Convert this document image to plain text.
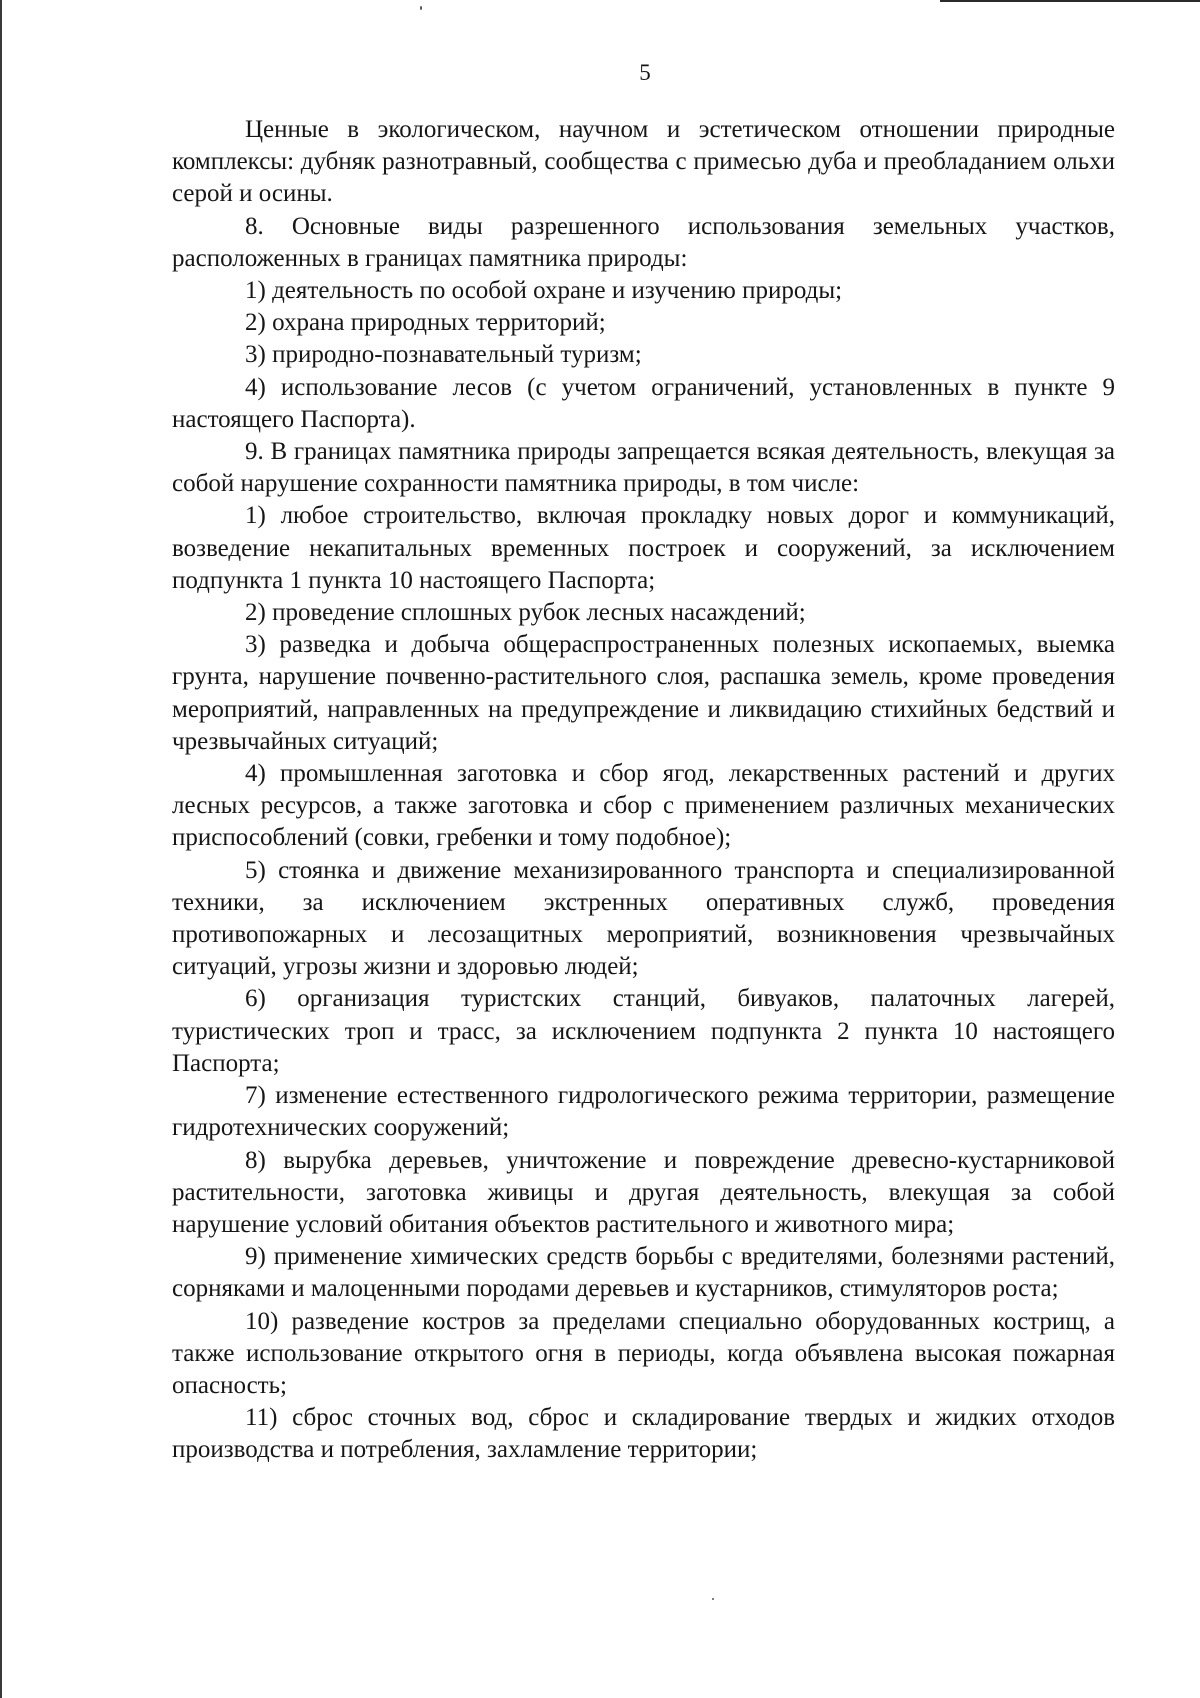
5

Ценные в экологическом, научном и эстетическом отношении природные комплексы: дубняк разнотравный, сообщества с примесью дуба и преобладанием ольхи серой и осины.

8. Основные виды разрешенного использования земельных участков, расположенных в границах памятника природы:

1) деятельность по особой охране и изучению природы;

2) охрана природных территорий;

3) природно-познавательный туризм;

4) использование лесов (с учетом ограничений, установленных в пункте 9 настоящего Паспорта).

9. В границах памятника природы запрещается всякая деятельность, влекущая за собой нарушение сохранности памятника природы, в том числе:

1) любое строительство, включая прокладку новых дорог и коммуникаций, возведение некапитальных временных построек и сооружений, за исключением подпункта 1 пункта 10 настоящего Паспорта;

2) проведение сплошных рубок лесных насаждений;

3) разведка и добыча общераспространенных полезных ископаемых, выемка грунта, нарушение почвенно-растительного слоя, распашка земель, кроме проведения мероприятий, направленных на предупреждение и ликвидацию стихийных бедствий и чрезвычайных ситуаций;

4) промышленная заготовка и сбор ягод, лекарственных растений и других лесных ресурсов, а также заготовка и сбор с применением различных механических приспособлений (совки, гребенки и тому подобное);

5) стоянка и движение механизированного транспорта и специализированной техники, за исключением экстренных оперативных служб, проведения противопожарных и лесозащитных мероприятий, возникновения чрезвычайных ситуаций, угрозы жизни и здоровью людей;

6) организация туристских станций, бивуаков, палаточных лагерей, туристических троп и трасс, за исключением подпункта 2 пункта 10 настоящего Паспорта;

7) изменение естественного гидрологического режима территории, размещение гидротехнических сооружений;

8) вырубка деревьев, уничтожение и повреждение древесно-кустарниковой растительности, заготовка живицы и другая деятельность, влекущая за собой нарушение условий обитания объектов растительного и животного мира;

9) применение химических средств борьбы с вредителями, болезнями растений, сорняками и малоценными породами деревьев и кустарников, стимуляторов роста;

10) разведение костров за пределами специально оборудованных кострищ, а также использование открытого огня в периоды, когда объявлена высокая пожарная опасность;

11) сброс сточных вод, сброс и складирование твердых и жидких отходов производства и потребления, захламление территории;
